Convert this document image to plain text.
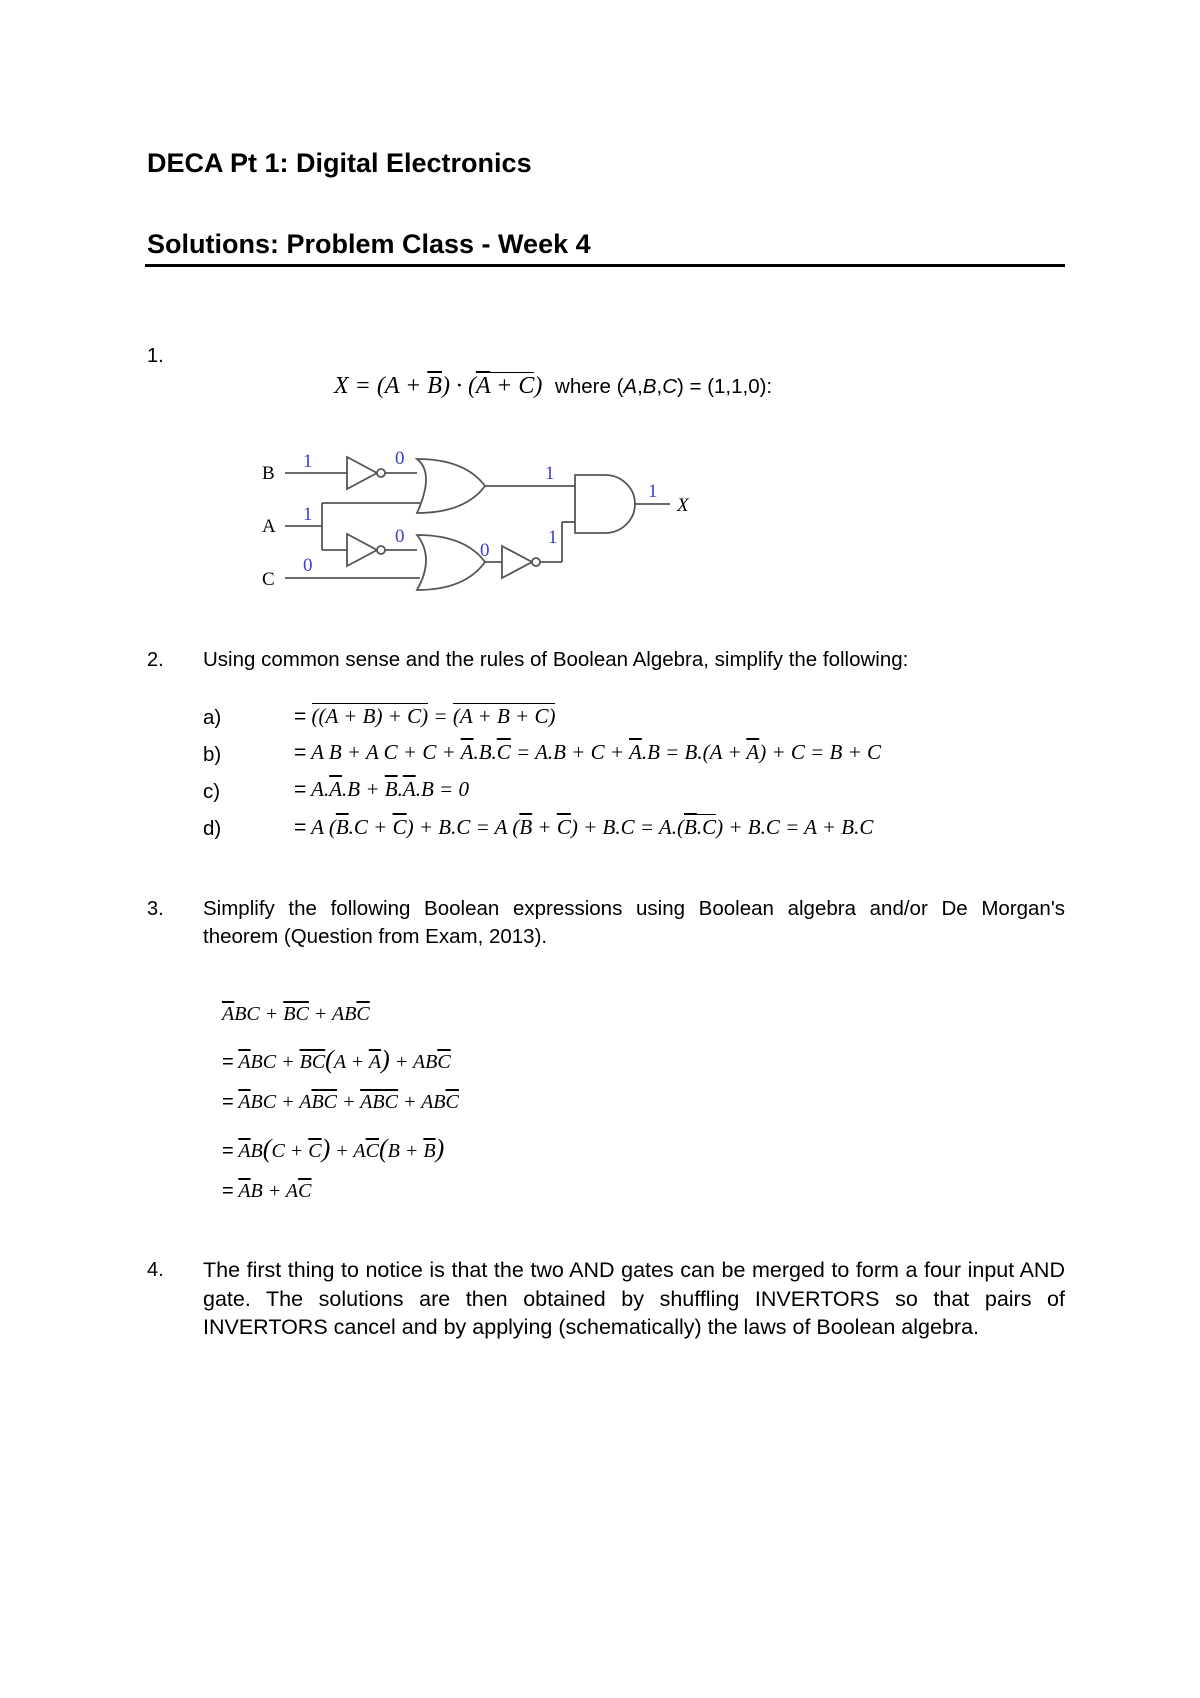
DECA Pt 1: Digital Electronics
Solutions: Problem Class - Week 4
1.
$X = (A + \overline{B}) \cdot (\overline{A} + C)$ where (A,B,C) = (1,1,0):
B
A
C
X
1	0
1
0
0
1
0
1
1
2. Using common sense and the rules of Boolean Algebra, simplify the following:
a)	= ((A + B) + C) = (A + B + C)
b)	= A B + A $C + C + \overline{A}.B.\overline{C} = A.B + C + \overline{A}.B = B.(A + \overline{A}) + C = B + C$
c)	= $A.\overline{A}.B + \overline{B}.\overline{A}.B = 0$
d)	= A $(\overline{B}.C + \overline{C}) + B.C = A$ $(\overline{B} + \overline{C}) + B.C = A.(\overline{B}.C) + B.C = A + B.C$
3. Simplify the following Boolean expressions using Boolean algebra and/or De Morgan's theorem (Question from Exam, 2013).
$\overline{A}BC + \overline{BC} + AB\overline{C}$
= $\overline{A}BC + \overline{BC}(A + \overline{A}) + AB\overline{C}$
= $\overline{A}BC + A\overline{BC} + \overline{ABC} + AB\overline{C}$
= $\overline{A}B(C + \overline{C}) + A\overline{C}(B + \overline{B})$
= $\overline{A}B + A\overline{C}$
4. The first thing to notice is that the two AND gates can be merged to form a four input AND gate. The solutions are then obtained by shuffling INVERTORS so that pairs of INVERTORS cancel and by applying (schematically) the laws of Boolean algebra.
